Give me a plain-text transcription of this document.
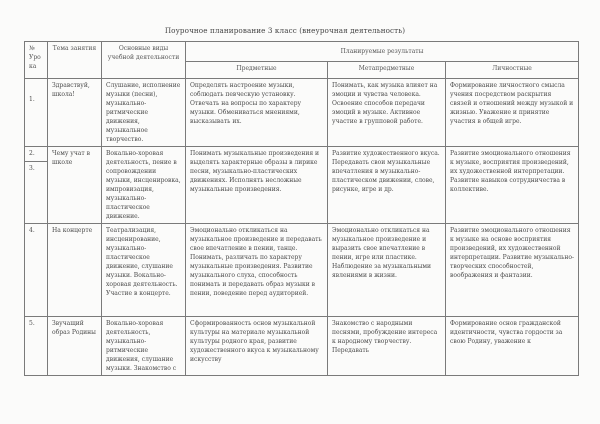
Поурочное планирование 3 класс (внеурочная деятельность)
№ Уро ка	Тема занятия	Основные виды учебной деятельности	Планируемые результаты		
			Предметные	Метапредметные	Личностные

1.	Здравствуй, школа!	Слушание, исполнение музыки (песни), музыкально-ритмические движения, музыкальное творчество.	Определять настроение музыки, соблюдать певческую установку. Отвечать на вопросы по характеру музыки. Обмениваться мнениями, высказывать их.	Понимать, как музыка влияет на эмоции и чувства человека. Освоение способов передачи эмоций в музыке. Активное участие в групповой работе.	Формирование личностного смысла учения посредством раскрытия связей и отношений между музыкой и жизнью. Уважение и принятие участия в общей игре.
2.	Чему учат в школе	Вокально-хоровая деятельность, пение в сопровождении музыки, инсценировка, импровизация, музыкально-пластическое движение.	Понимать музыкальные произведения и выделять характерные образы в лирике песни, музыкально-пластических движениях. Исполнять несложные музыкальные произведения.	Развитие художественного вкуса. Передавать свои музыкальные впечатления в музыкально-пластическом движении, слове, рисунке, игре и др.	Развитие эмоционального отношения к музыке, восприятия произведений, их художественной интерпретации. Развитие навыков сотрудничества в коллективе.
3.					
4.	На концерте	Театрализация, инсценирование, музыкально-пластическое движение, слушание музыки. Вокально-хоровая деятельность. Участие в концерте.	Эмоционально откликаться на музыкальное произведение и передавать свое впечатление в пении, танце. Понимать, различать по характеру музыкальные произведения. Развитие музыкального слуха, способность понимать и передавать образ музыки в пении, поведение перед аудиторией.	Эмоционально откликаться на музыкальное произведение и выразить свое впечатление в пении, игре или пластике. Наблюдение за музыкальными явлениями в жизни.	Развитие эмоционального отношения к музыке на основе восприятия произведений, их художественной интерпретации. Развитие музыкально-творческих способностей, воображения и фантазии.
5.	Звучащий образ Родины	Вокально-хоровая деятельность, музыкально-ритмические движения, слушание музыки. Знакомство с	Сформированность основ музыкальной культуры на материале музыкальной культуры родного края, развитие художественного вкуса к музыкальному искусству	Знакомство с народными песнями, пробуждение интереса к народному творчеству. Передавать	Формирование основ гражданской идентичности, чувства гордости за свою Родину, уважение к
